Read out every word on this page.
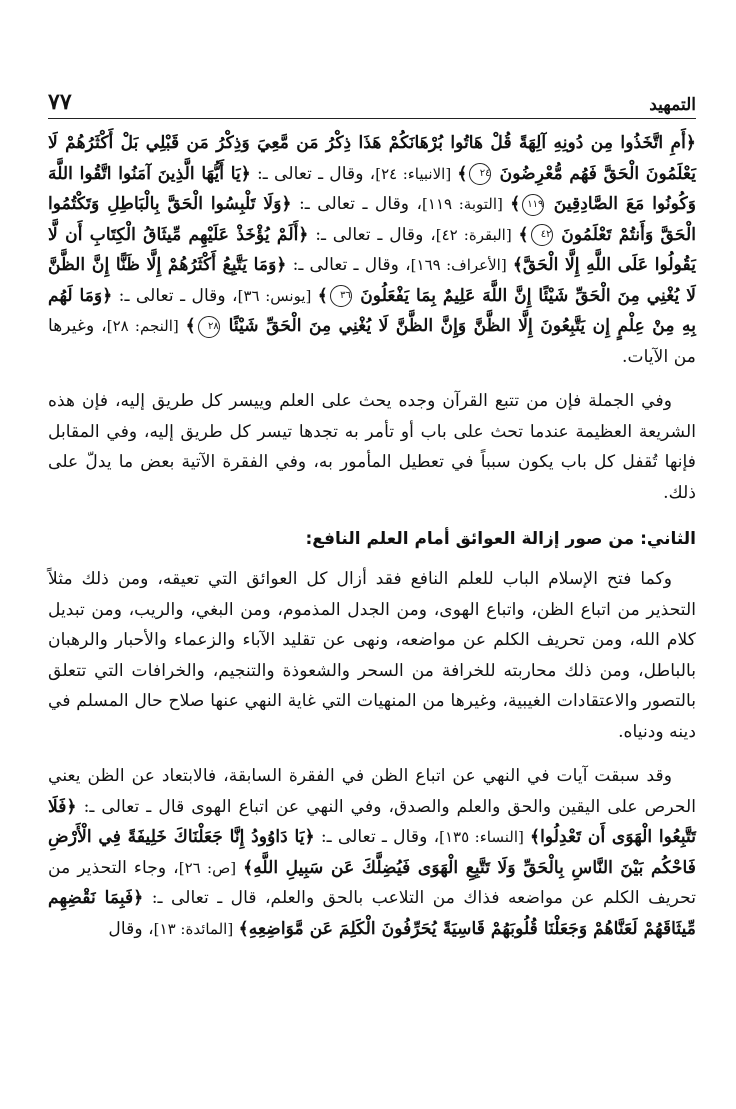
التمهيد
٧٧

﴿أَمِ اتَّخَذُوا مِن دُونِهِ آلِهَةً قُلْ هَاتُوا بُرْهَانَكُمْ هَذَا ذِكْرُ مَن مَّعِيَ وَذِكْرُ مَن قَبْلِي بَلْ أَكْثَرُهُمْ لَا يَعْلَمُونَ الْحَقَّ فَهُم مُّعْرِضُونَ ٢٤﴾ [الانبياء: ٢٤]، وقال ـ تعالى ـ: ﴿يَا أَيُّهَا الَّذِينَ آمَنُوا اتَّقُوا اللَّهَ وَكُونُوا مَعَ الصَّادِقِينَ ١١٩﴾ [التوبة: ١١٩]، وقال ـ تعالى ـ: ﴿وَلَا تَلْبِسُوا الْحَقَّ بِالْبَاطِلِ وَتَكْتُمُوا الْحَقَّ وَأَنتُمْ تَعْلَمُونَ ٤٢﴾ [البقرة: ٤٢]، وقال ـ تعالى ـ: ﴿أَلَمْ يُؤْخَذْ عَلَيْهِم مِّيثَاقُ الْكِتَابِ أَن لَّا يَقُولُوا عَلَى اللَّهِ إِلَّا الْحَقَّ﴾ [الأعراف: ١٦٩]، وقال ـ تعالى ـ: ﴿وَمَا يَتَّبِعُ أَكْثَرُهُمْ إِلَّا ظَنًّا إِنَّ الظَّنَّ لَا يُغْنِي مِنَ الْحَقِّ شَيْئًا إِنَّ اللَّهَ عَلِيمٌ بِمَا يَفْعَلُونَ ٣٦﴾ [يونس: ٣٦]، وقال ـ تعالى ـ: ﴿وَمَا لَهُم بِهِ مِنْ عِلْمٍ إِن يَتَّبِعُونَ إِلَّا الظَّنَّ وَإِنَّ الظَّنَّ لَا يُغْنِي مِنَ الْحَقِّ شَيْئًا ٢٨﴾ [النجم: ٢٨]، وغيرها من الآيات.

وفي الجملة فإن من تتبع القرآن وجده يحث على العلم وييسر كل طريق إليه، فإن هذه الشريعة العظيمة عندما تحث على باب أو تأمر به تجدها تيسر كل طريق إليه، وفي المقابل فإنها تُقفل كل باب يكون سبباً في تعطيل المأمور به، وفي الفقرة الآتية بعض ما يدلّ على ذلك.

الثاني: من صور إزالة العوائق أمام العلم النافع:

وكما فتح الإسلام الباب للعلم النافع فقد أزال كل العوائق التي تعيقه، ومن ذلك مثلاً التحذير من اتباع الظن، واتباع الهوى، ومن الجدل المذموم، ومن البغي، والريب، ومن تبديل كلام الله، ومن تحريف الكلم عن مواضعه، ونهى عن تقليد الآباء والزعماء والأحبار والرهبان بالباطل، ومن ذلك محاربته للخرافة من السحر والشعوذة والتنجيم، والخرافات التي تتعلق بالتصور والاعتقادات الغيبية، وغيرها من المنهيات التي غاية النهي عنها صلاح حال المسلم في دينه ودنياه.

وقد سبقت آيات في النهي عن اتباع الظن في الفقرة السابقة، فالابتعاد عن الظن يعني الحرص على اليقين والحق والعلم والصدق، وفي النهي عن اتباع الهوى قال ـ تعالى ـ: ﴿فَلَا تَتَّبِعُوا الْهَوَى أَن تَعْدِلُوا﴾ [النساء: ١٣٥]، وقال ـ تعالى ـ: ﴿يَا دَاوُودُ إِنَّا جَعَلْنَاكَ خَلِيفَةً فِي الْأَرْضِ فَاحْكُم بَيْنَ النَّاسِ بِالْحَقِّ وَلَا تَتَّبِعِ الْهَوَى فَيُضِلَّكَ عَن سَبِيلِ اللَّهِ﴾ [ص: ٢٦]، وجاء التحذير من تحريف الكلم عن مواضعه فذاك من التلاعب بالحق والعلم، قال ـ تعالى ـ: ﴿فَبِمَا نَقْضِهِم مِّيثَاقَهُمْ لَعَنَّاهُمْ وَجَعَلْنَا قُلُوبَهُمْ قَاسِيَةً يُحَرِّفُونَ الْكَلِمَ عَن مَّوَاضِعِهِ﴾ [المائدة: ١٣]، وقال
